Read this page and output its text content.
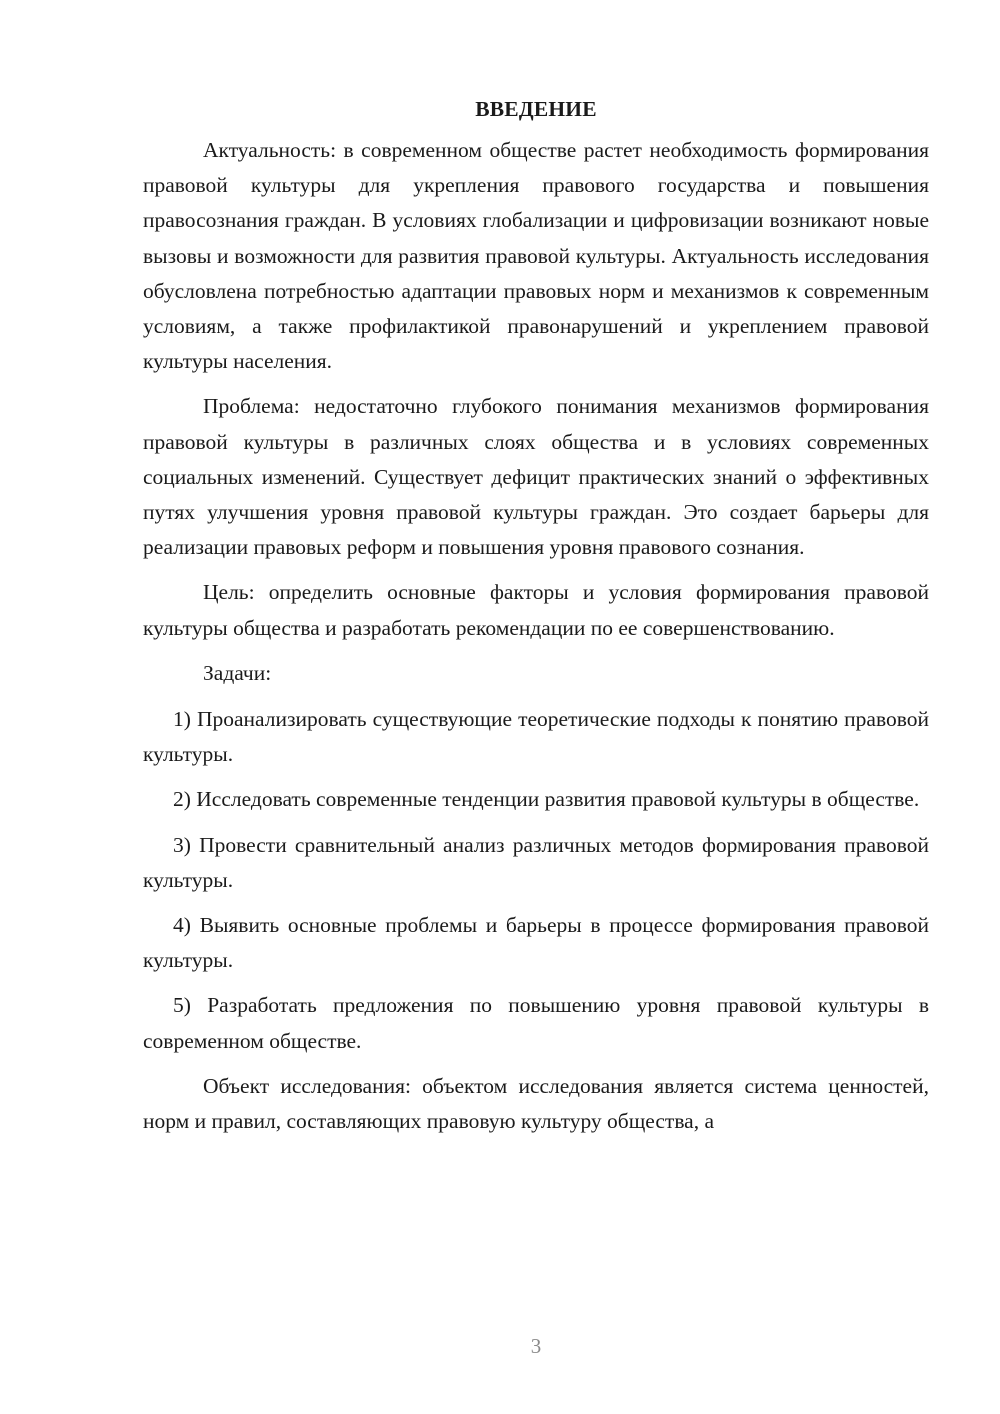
ВВЕДЕНИЕ

Актуальность: в современном обществе растет необходимость формирования правовой культуры для укрепления правового государства и повышения правосознания граждан. В условиях глобализации и цифровизации возникают новые вызовы и возможности для развития правовой культуры. Актуальность исследования обусловлена потребностью адаптации правовых норм и механизмов к современным условиям, а также профилактикой правонарушений и укреплением правовой культуры населения.

Проблема: недостаточно глубокого понимания механизмов формирования правовой культуры в различных слоях общества и в условиях современных социальных изменений. Существует дефицит практических знаний о эффективных путях улучшения уровня правовой культуры граждан. Это создает барьеры для реализации правовых реформ и повышения уровня правового сознания.

Цель: определить основные факторы и условия формирования правовой культуры общества и разработать рекомендации по ее совершенствованию.

Задачи:

1) Проанализировать существующие теоретические подходы к понятию правовой культуры.

2) Исследовать современные тенденции развития правовой культуры в обществе.

3) Провести сравнительный анализ различных методов формирования правовой культуры.

4) Выявить основные проблемы и барьеры в процессе формирования правовой культуры.

5) Разработать предложения по повышению уровня правовой культуры в современном обществе.

Объект исследования: объектом исследования является система ценностей, норм и правил, составляющих правовую культуру общества, а

3
